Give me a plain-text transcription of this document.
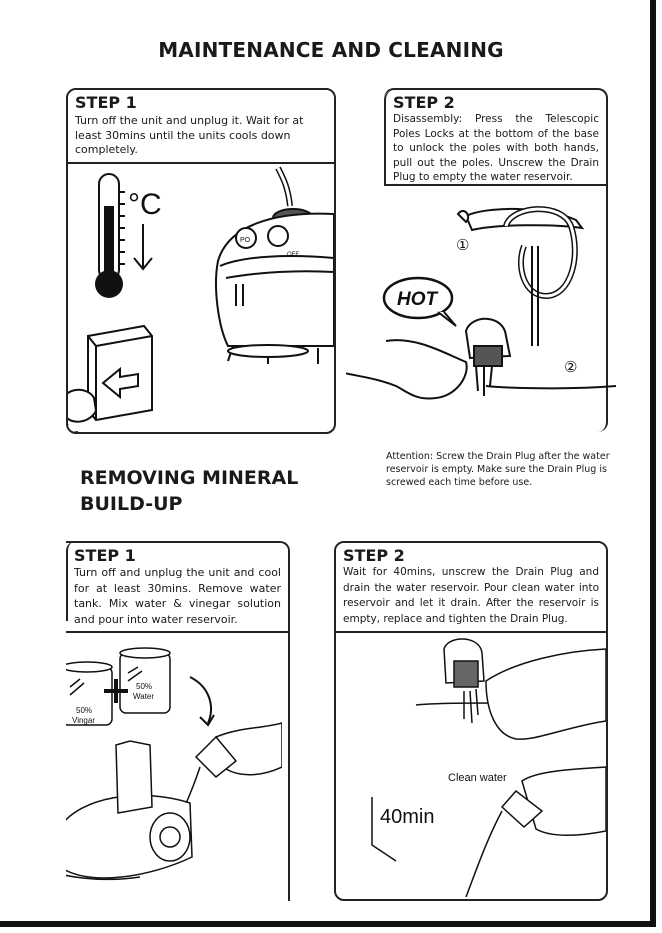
MAINTENANCE AND CLEANING
STEP 1
Turn off the unit and unplug it. Wait for at least 30mins until the units cools down completely.
°C
PO
OFF
STEP 2
Disassembly: Press the Telescopic Poles Locks at the bottom of the base to unlock the poles with both hands, pull out the poles. Unscrew the Drain Plug to empty the water reservoir.
①
②
HOT
Attention: Screw the Drain Plug after the water reservoir is empty. Make sure the Drain Plug is screwed each time before use.
REMOVING MINERAL
BUILD-UP
STEP 1
Turn off and unplug the unit and cool for at least 30mins. Remove water tank. Mix water & vinegar solution and pour into water reservoir.
50%
Water
50%
Vingar
STEP 2
Wait for 40mins, unscrew the Drain Plug and drain the water reservoir. Pour clean water into reservoir and let it drain. After the reservoir is empty, replace and tighten the Drain Plug.
Clean water
40min
